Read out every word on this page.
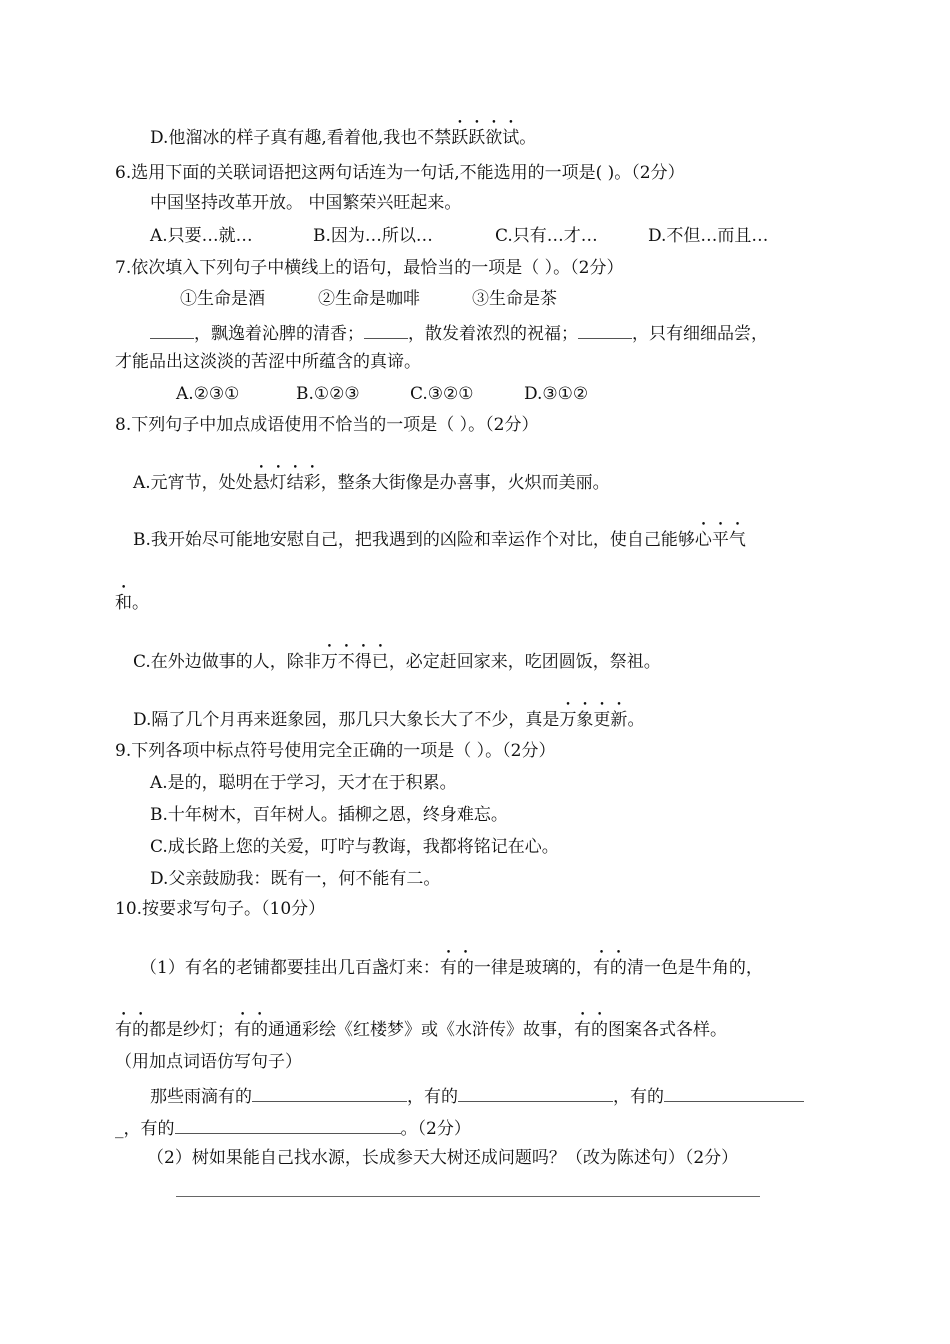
D.他溜冰的样子真有趣,看着他,我也不禁跃跃欲试。
6.选用下面的关联词语把这两句话连为一句话,不能选用的一项是( )。（2分）
中国坚持改革开放。 中国繁荣兴旺起来。
A.只要…就…	B.因为…所以…	C.只有…才…	D.不但…而且…
7.依次填入下列句子中横线上的语句，最恰当的一项是（ ）。（2分）
①生命是酒	②生命是咖啡	③生命是茶
，飘逸着沁脾的清香；	，散发着浓烈的祝福；	，只有细细品尝，
才能品出这淡淡的苦涩中所蕴含的真谛。
A.②③①	B.①②③	C.③②①	D.③①②
8.下列句子中加点成语使用不恰当的一项是（ ）。（2分）
A.元宵节，处处悬灯结彩，整条大街像是办喜事，火炽而美丽。
B.我开始尽可能地安慰自己，把我遇到的凶险和幸运作个对比，使自己能够心平气
和。
C.在外边做事的人，除非万不得已，必定赶回家来，吃团圆饭，祭祖。
D.隔了几个月再来逛象园，那几只大象长大了不少，真是万象更新。
9.下列各项中标点符号使用完全正确的一项是（ ）。（2分）
A.是的，聪明在于学习，天才在于积累。
B.十年树木，百年树人。插柳之恩，终身难忘。
C.成长路上您的关爱，叮咛与教诲，我都将铭记在心。
D.父亲鼓励我：既有一，何不能有二。
10.按要求写句子。（10分）
（1）有名的老铺都要挂出几百盏灯来：有的一律是玻璃的，有的清一色是牛角的，
有的都是纱灯；有的通通彩绘《红楼梦》或《水浒传》故事，有的图案各式各样。
（用加点词语仿写句子）
那些雨滴有的	，有的	，有的
_，有的	。（2分）
（2）树如果能自己找水源，长成参天大树还成问题吗？（改为陈述句）（2分）
